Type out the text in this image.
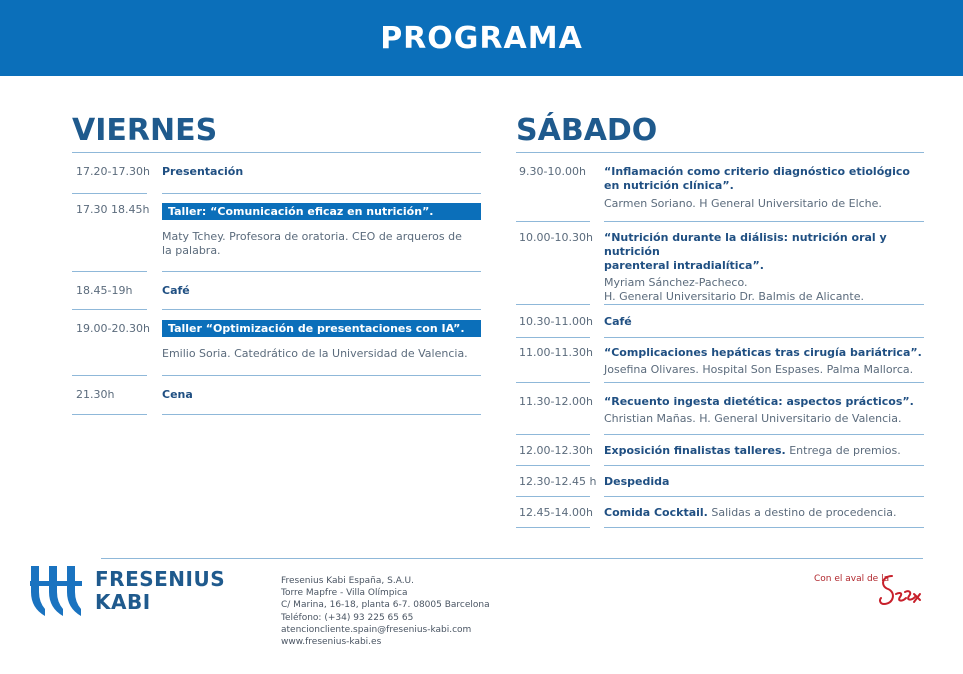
PROGRAMA
VIERNES
17.20-17.30h	Presentación
17.30 18.45h	Taller: “Comunicación eficaz en nutrición”.
Maty Tchey. Profesora de oratoria. CEO de arqueros de
la palabra.
18.45-19h	Café
19.00-20.30h	Taller “Optimización de presentaciones con IA”.
Emilio Soria. Catedrático de la Universidad de Valencia.
21.30h	Cena
SÁBADO
9.30-10.00h	“Inflamación como criterio diagnóstico etiológico
en nutrición clínica”.
Carmen Soriano. H General Universitario de Elche.
10.00-10.30h	“Nutrición durante la diálisis: nutrición oral y nutrición
parenteral intradialítica”.
Myriam Sánchez-Pacheco.
H. General Universitario Dr. Balmis de Alicante.
10.30-11.00h	Café
11.00-11.30h	“Complicaciones hepáticas tras cirugía bariátrica”.
Josefina Olivares. Hospital Son Espases. Palma Mallorca.
11.30-12.00h	“Recuento ingesta dietética: aspectos prácticos”.
Christian Mañas. H. General Universitario de Valencia.
12.00-12.30h	Exposición finalistas talleres. Entrega de premios.
12.30-12.45 h Despedida
12.45-14.00h	Comida Cocktail. Salidas a destino de procedencia.
FRESENIUS
KABI
Fresenius Kabi España, S.A.U.
Torre Mapfre - Villa Olímpica
C/ Marina, 16-18, planta 6-7. 08005 Barcelona
Teléfono: (+34) 93 225 65 65
atencioncliente.spain@fresenius-kabi.com
www.fresenius-kabi.es
Con el aval de la
